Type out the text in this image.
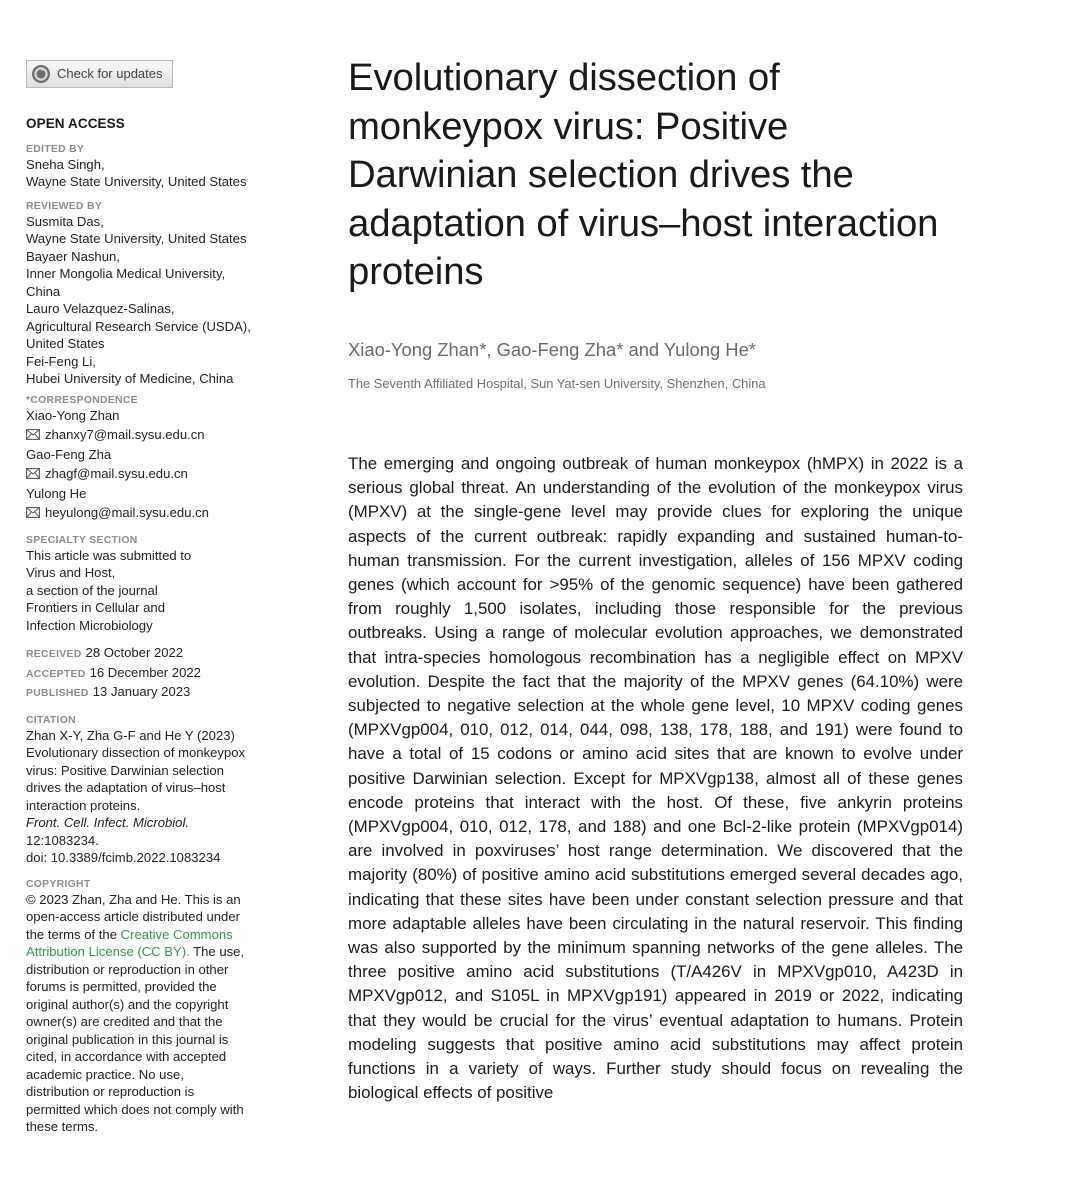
Check for updates
OPEN ACCESS
EDITED BY
Sneha Singh,
Wayne State University, United States
REVIEWED BY
Susmita Das,
Wayne State University, United States
Bayaer Nashun,
Inner Mongolia Medical University,
China
Lauro Velazquez-Salinas,
Agricultural Research Service (USDA),
United States
Fei-Feng Li,
Hubei University of Medicine, China
*CORRESPONDENCE
Xiao-Yong Zhan
zhanxy7@mail.sysu.edu.cn
Gao-Feng Zha
zhagf@mail.sysu.edu.cn
Yulong He
heyulong@mail.sysu.edu.cn
SPECIALTY SECTION
This article was submitted to
Virus and Host,
a section of the journal
Frontiers in Cellular and
Infection Microbiology
RECEIVED 28 October 2022
ACCEPTED 16 December 2022
PUBLISHED 13 January 2023
CITATION
Zhan X-Y, Zha G-F and He Y (2023)
Evolutionary dissection of monkeypox
virus: Positive Darwinian selection
drives the adaptation of virus–host
interaction proteins.
Front. Cell. Infect. Microbiol.
12:1083234.
doi: 10.3389/fcimb.2022.1083234
COPYRIGHT
© 2023 Zhan, Zha and He. This is an
open-access article distributed under
the terms of the Creative Commons
Attribution License (CC BY). The use,
distribution or reproduction in other
forums is permitted, provided the
original author(s) and the copyright
owner(s) are credited and that the
original publication in this journal is
cited, in accordance with accepted
academic practice. No use,
distribution or reproduction is
permitted which does not comply with
these terms.
Evolutionary dissection of monkeypox virus: Positive Darwinian selection drives the adaptation of virus–host interaction proteins
Xiao-Yong Zhan*, Gao-Feng Zha* and Yulong He*
The Seventh Affiliated Hospital, Sun Yat-sen University, Shenzhen, China

The emerging and ongoing outbreak of human monkeypox (hMPX) in 2022 is a serious global threat. An understanding of the evolution of the monkeypox virus (MPXV) at the single-gene level may provide clues for exploring the unique aspects of the current outbreak: rapidly expanding and sustained human-to-human transmission. For the current investigation, alleles of 156 MPXV coding genes (which account for >95% of the genomic sequence) have been gathered from roughly 1,500 isolates, including those responsible for the previous outbreaks. Using a range of molecular evolution approaches, we demonstrated that intra-species homologous recombination has a negligible effect on MPXV evolution. Despite the fact that the majority of the MPXV genes (64.10%) were subjected to negative selection at the whole gene level, 10 MPXV coding genes (MPXVgp004, 010, 012, 014, 044, 098, 138, 178, 188, and 191) were found to have a total of 15 codons or amino acid sites that are known to evolve under positive Darwinian selection. Except for MPXVgp138, almost all of these genes encode proteins that interact with the host. Of these, five ankyrin proteins (MPXVgp004, 010, 012, 178, and 188) and one Bcl-2-like protein (MPXVgp014) are involved in poxviruses’ host range determination. We discovered that the majority (80%) of positive amino acid substitutions emerged several decades ago, indicating that these sites have been under constant selection pressure and that more adaptable alleles have been circulating in the natural reservoir. This finding was also supported by the minimum spanning networks of the gene alleles. The three positive amino acid substitutions (T/A426V in MPXVgp010, A423D in MPXVgp012, and S105L in MPXVgp191) appeared in 2019 or 2022, indicating that they would be crucial for the virus’ eventual adaptation to humans. Protein modeling suggests that positive amino acid substitutions may affect protein functions in a variety of ways. Further study should focus on revealing the biological effects of positive
